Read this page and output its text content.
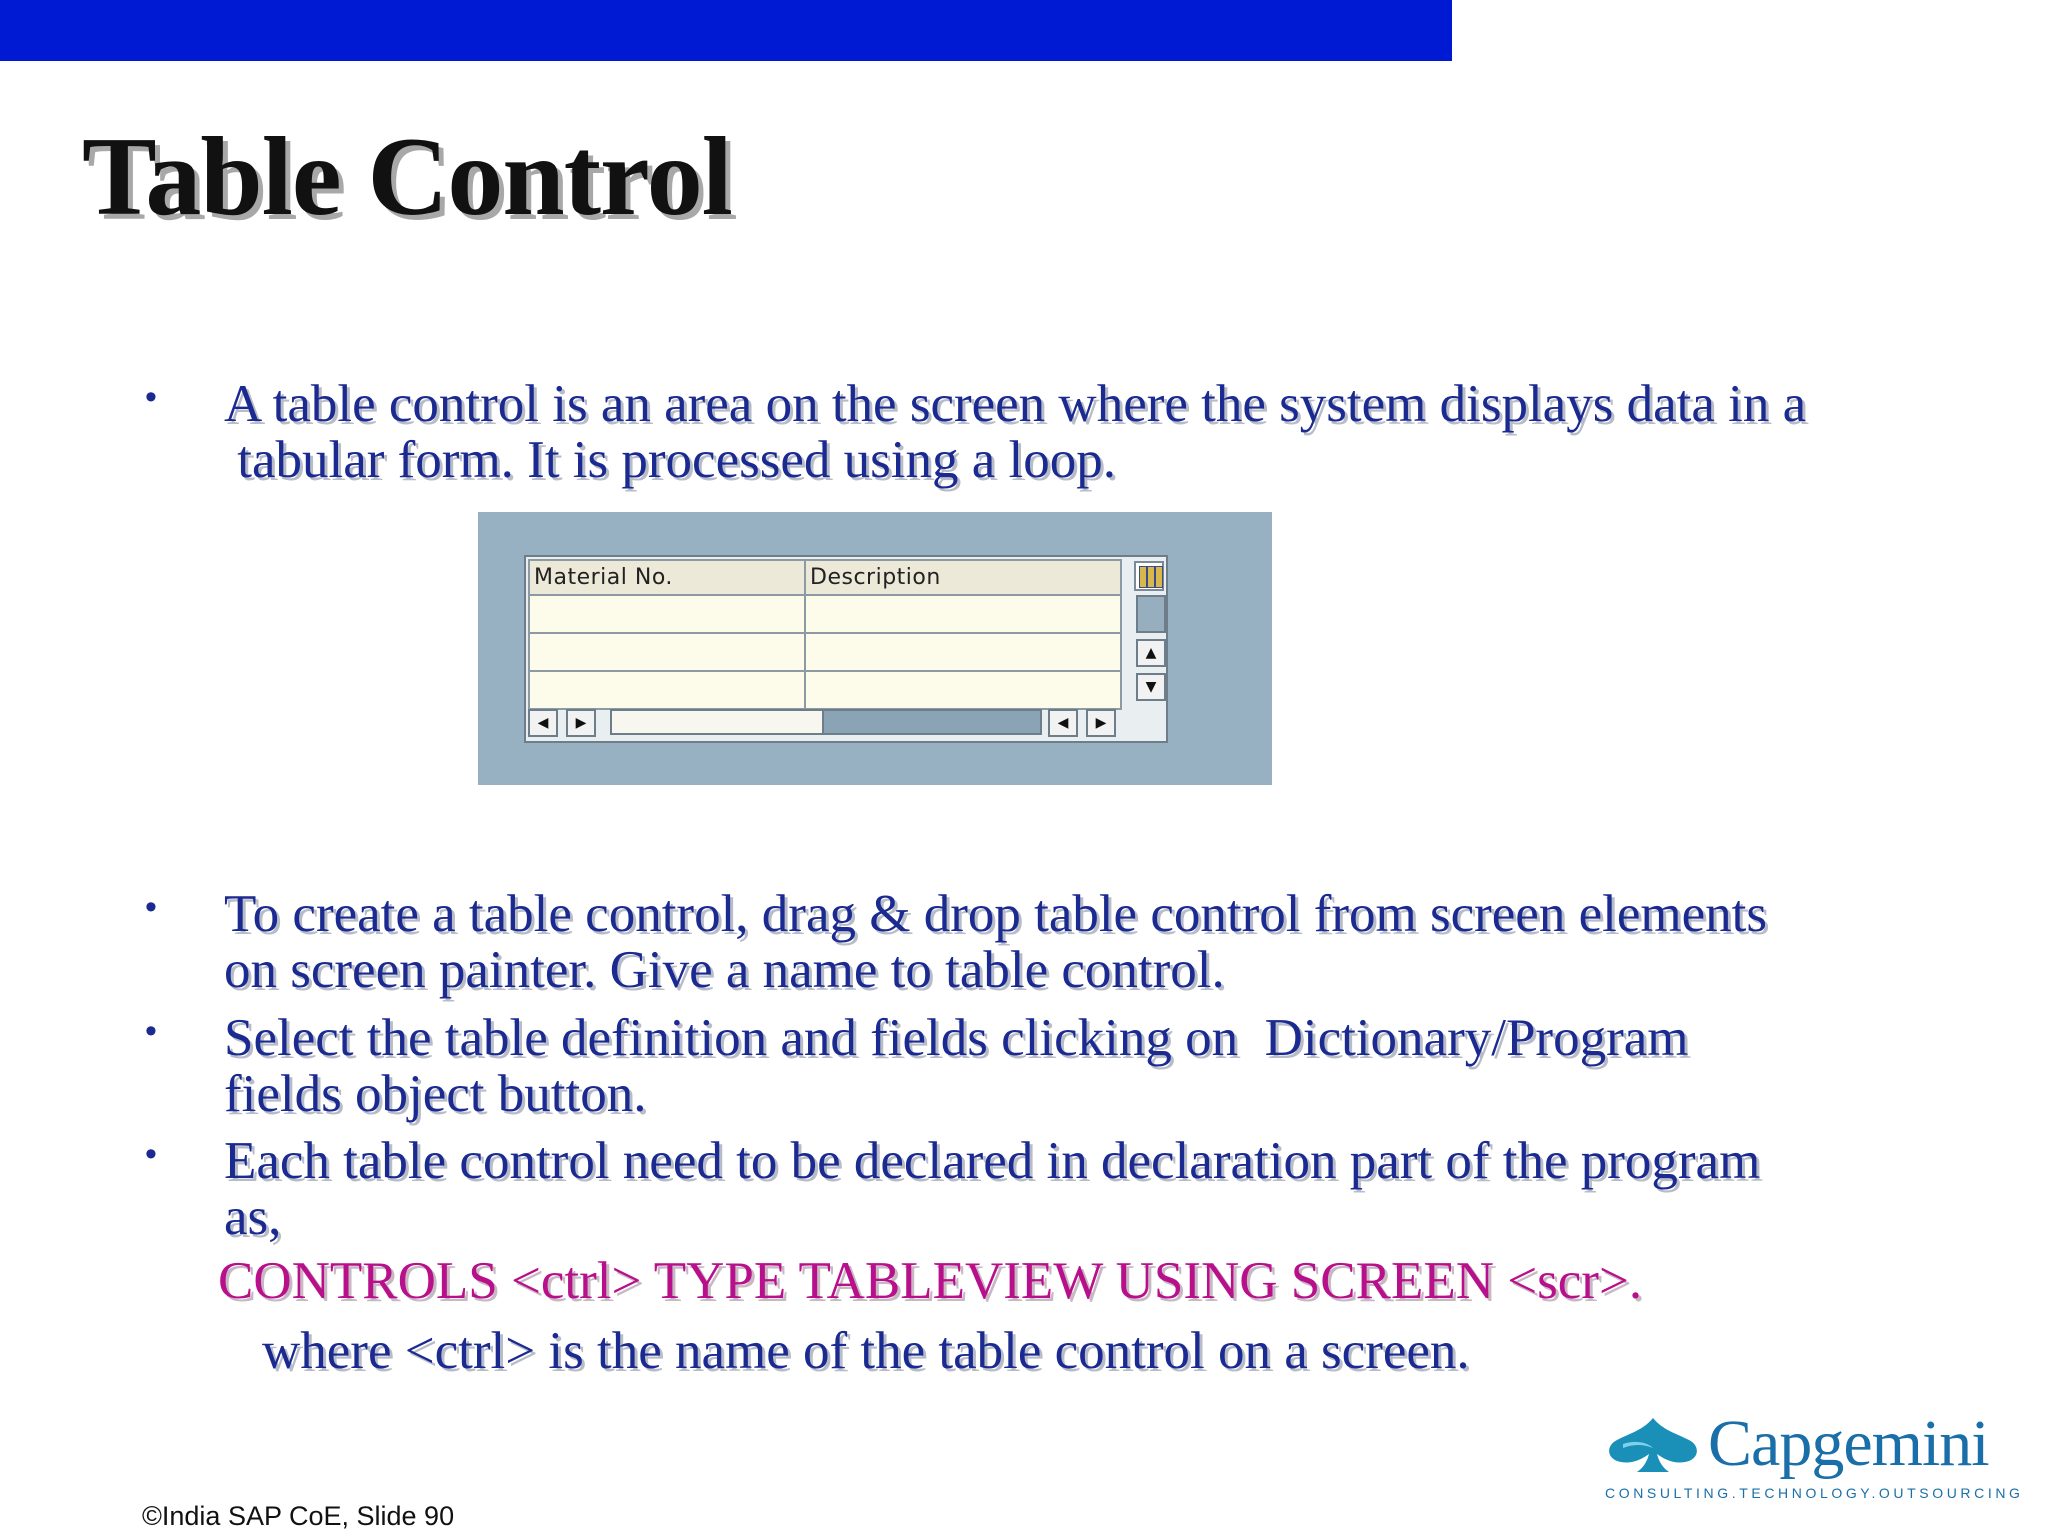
Table Control
• A table control is an area on the screen where the system displays data in a
tabular form. It is processed using a loop.

Material No.	Description

▲
▼
◀	▶	◀	▶
• To create a table control, drag & drop table control from screen elements
on screen painter. Give a name to table control.

• Select the table definition and fields clicking on  Dictionary/Program
fields object button.

• Each table control need to be declared in declaration part of the program
as,

CONTROLS <ctrl> TYPE TABLEVIEW USING SCREEN <scr>.
where <ctrl> is the name of the table control on a screen.
©India SAP CoE, Slide 90
Capgemini
CONSULTING.TECHNOLOGY.OUTSOURCING
